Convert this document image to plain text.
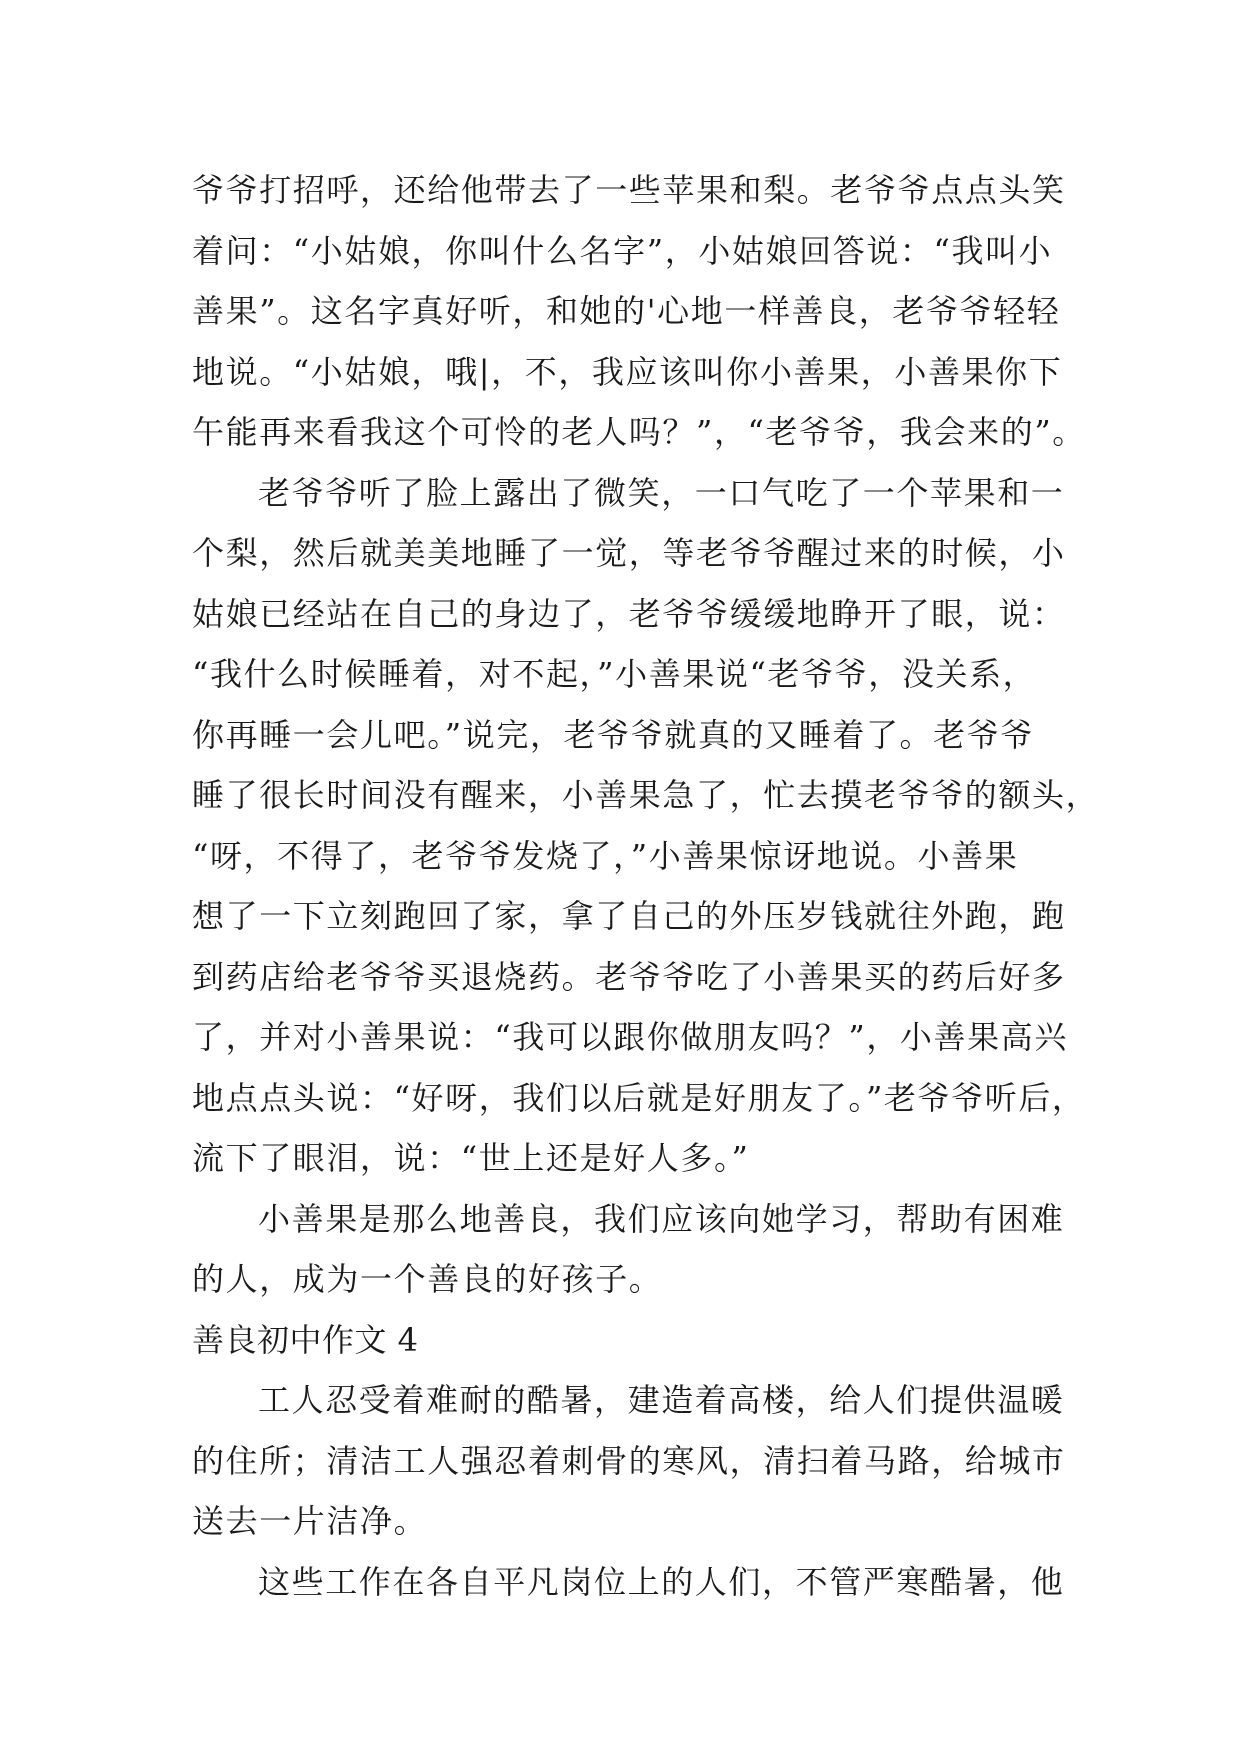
爷爷打招呼，还给他带去了一些苹果和梨。老爷爷点点头笑
着问：“小姑娘，你叫什么名字”，小姑娘回答说：“我叫小
善果”。这名字真好听，和她的'心地一样善良，老爷爷轻轻
地说。“小姑娘，哦|，不，我应该叫你小善果，小善果你下
午能再来看我这个可怜的老人吗？”，“老爷爷，我会来的”。
老爷爷听了脸上露出了微笑，一口气吃了一个苹果和一
个梨，然后就美美地睡了一觉，等老爷爷醒过来的时候，小
姑娘已经站在自己的身边了，老爷爷缓缓地睁开了眼，说：
“我什么时候睡着，对不起，”小善果说“老爷爷，没关系，
你再睡一会儿吧。”说完，老爷爷就真的又睡着了。老爷爷
睡了很长时间没有醒来，小善果急了，忙去摸老爷爷的额头，
“呀，不得了，老爷爷发烧了，”小善果惊讶地说。小善果
想了一下立刻跑回了家，拿了自己的外压岁钱就往外跑，跑
到药店给老爷爷买退烧药。老爷爷吃了小善果买的药后好多
了，并对小善果说：“我可以跟你做朋友吗？”，小善果高兴
地点点头说：“好呀，我们以后就是好朋友了。”老爷爷听后，
流下了眼泪，说：“世上还是好人多。”
小善果是那么地善良，我们应该向她学习，帮助有困难
的人，成为一个善良的好孩子。
善良初中作文 4
工人忍受着难耐的酷暑，建造着高楼，给人们提供温暖
的住所；清洁工人强忍着刺骨的寒风，清扫着马路，给城市
送去一片洁净。
这些工作在各自平凡岗位上的人们，不管严寒酷暑，他
